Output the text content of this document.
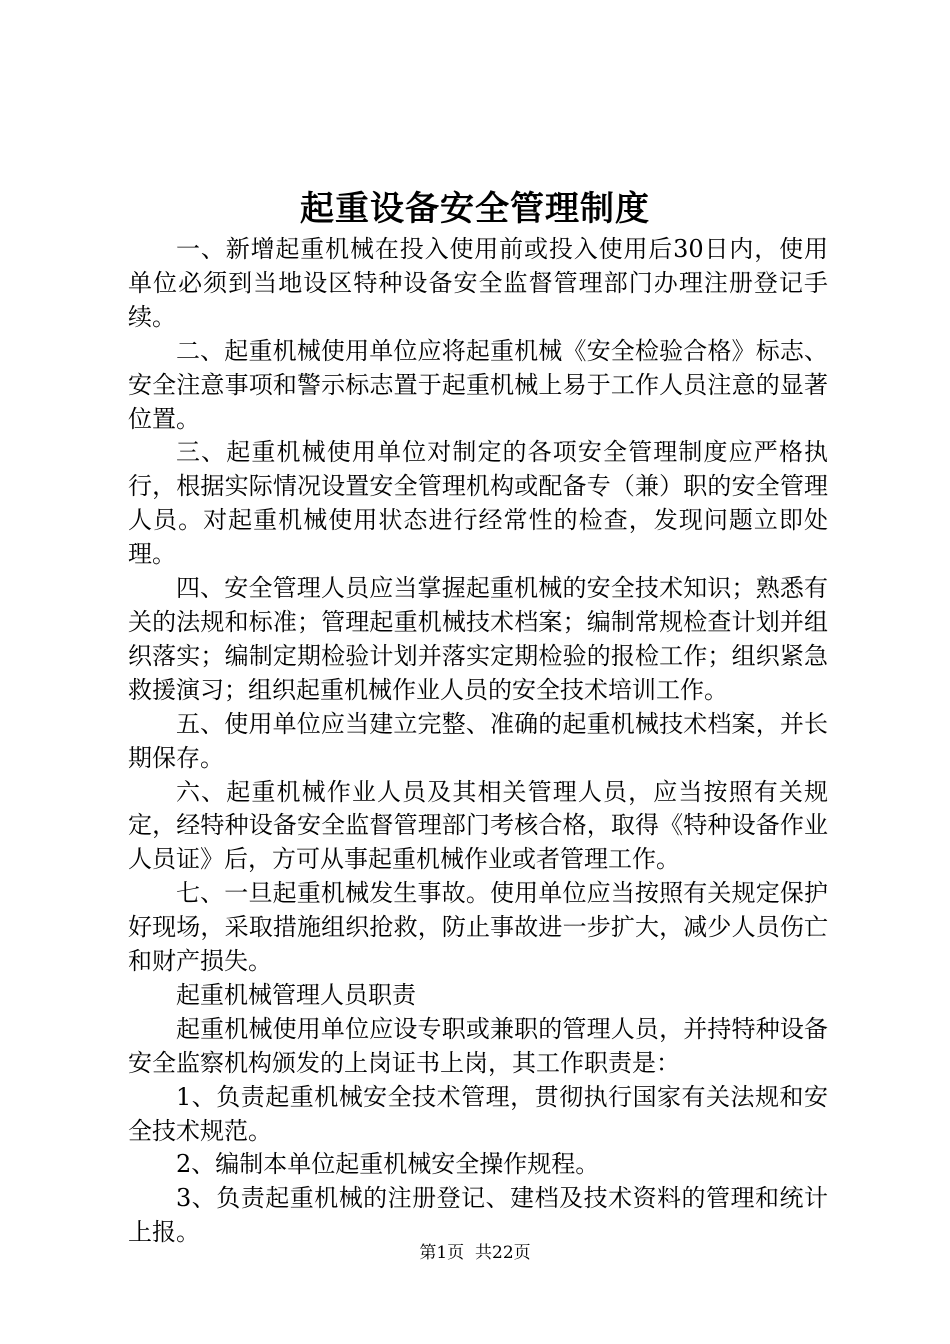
起重设备安全管理制度

一、新增起重机械在投入使用前或投入使用后30日内，使用单位必须到当地设区特种设备安全监督管理部门办理注册登记手续。

二、起重机械使用单位应将起重机械《安全检验合格》标志、安全注意事项和警示标志置于起重机械上易于工作人员注意的显著位置。

三、起重机械使用单位对制定的各项安全管理制度应严格执行，根据实际情况设置安全管理机构或配备专（兼）职的安全管理人员。对起重机械使用状态进行经常性的检查，发现问题立即处理。

四、安全管理人员应当掌握起重机械的安全技术知识；熟悉有关的法规和标准；管理起重机械技术档案；编制常规检查计划并组织落实；编制定期检验计划并落实定期检验的报检工作；组织紧急救援演习；组织起重机械作业人员的安全技术培训工作。

五、使用单位应当建立完整、准确的起重机械技术档案，并长期保存。

六、起重机械作业人员及其相关管理人员，应当按照有关规定，经特种设备安全监督管理部门考核合格，取得《特种设备作业人员证》后，方可从事起重机械作业或者管理工作。

七、一旦起重机械发生事故。使用单位应当按照有关规定保护好现场，采取措施组织抢救，防止事故进一步扩大，减少人员伤亡和财产损失。

起重机械管理人员职责

起重机械使用单位应设专职或兼职的管理人员，并持特种设备安全监察机构颁发的上岗证书上岗，其工作职责是：

1、负责起重机械安全技术管理，贯彻执行国家有关法规和安全技术规范。

2、编制本单位起重机械安全操作规程。

3、负责起重机械的注册登记、建档及技术资料的管理和统计上报。

第1页 共22页
